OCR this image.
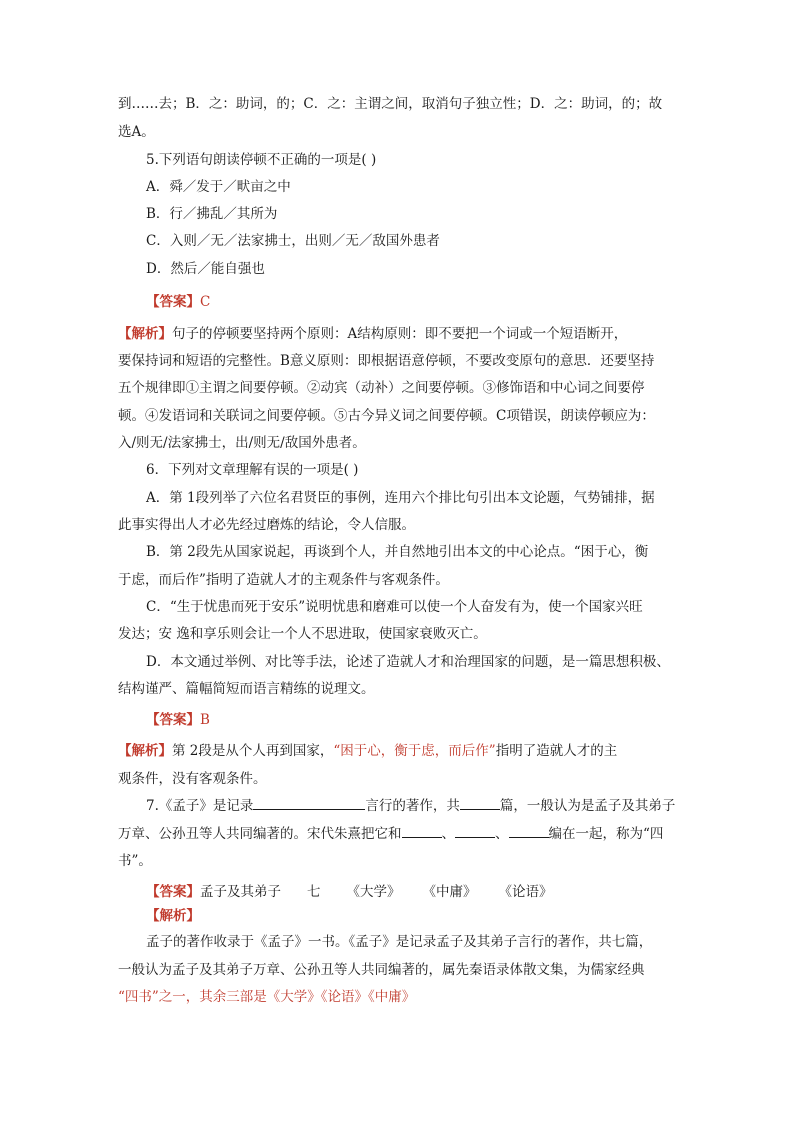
到……去；B．之：助词，的；C．之：主谓之间，取消句子独立性；D．之：助词，的；故
选A。
5.下列语句朗读停顿不正确的一项是( )
A．舜／发于／畎亩之中
B．行／拂乱／其所为
C．入则／无／法家拂士，出则／无／敌国外患者
D．然后／能自强也
【答案】C
【解析】句子的停顿要坚持两个原则：A结构原则：即不要把一个词或一个短语断开，
要保持词和短语的完整性。B意义原则：即根据语意停顿，不要改变原句的意思．还要坚持
五个规律即①主谓之间要停顿。②动宾（动补）之间要停顿。③修饰语和中心词之间要停
顿。④发语词和关联词之间要停顿。⑤古今异义词之间要停顿。C项错误，朗读停顿应为：
入/则无/法家拂士，出/则无/敌国外患者。
6．下列对文章理解有误的一项是( )
A．第 1段列举了六位名君贤臣的事例，连用六个排比句引出本文论题，气势铺排，据
此事实得出人才必先经过磨炼的结论，令人信服。
B．第 2段先从国家说起，再谈到个人，并自然地引出本文的中心论点。“困于心，衡
于虑，而后作”指明了造就人才的主观条件与客观条件。
C．“生于忧患而死于安乐”说明忧患和磨难可以使一个人奋发有为，使一个国家兴旺
发达；安 逸和享乐则会让一个人不思进取，使国家衰败灭亡。
D．本文通过举例、对比等手法，论述了造就人才和治理国家的问题，是一篇思想积极、
结构谨严、篇幅简短而语言精练的说理文。
【答案】B
【解析】第 2段是从个人再到国家，“困于心，衡于虑，而后作”指明了造就人才的主
观条件，没有客观条件。
7.《孟子》是记录	言行的著作，共	篇，一般认为是孟子及其弟子
万章、公孙丑等人共同编著的。宋代朱熹把它和	、	、	编在一起，称为“四
书”。
【答案】孟子及其弟子 七 《大学》 《中庸》 《论语》
【解析】
孟子的著作收录于《孟子》一书。《孟子》是记录孟子及其弟子言行的著作，共七篇，
一般认为孟子及其弟子万章、公孙丑等人共同编著的，属先秦语录体散文集，为儒家经典
“四书”之一，其余三部是《大学》《论语》《中庸》
